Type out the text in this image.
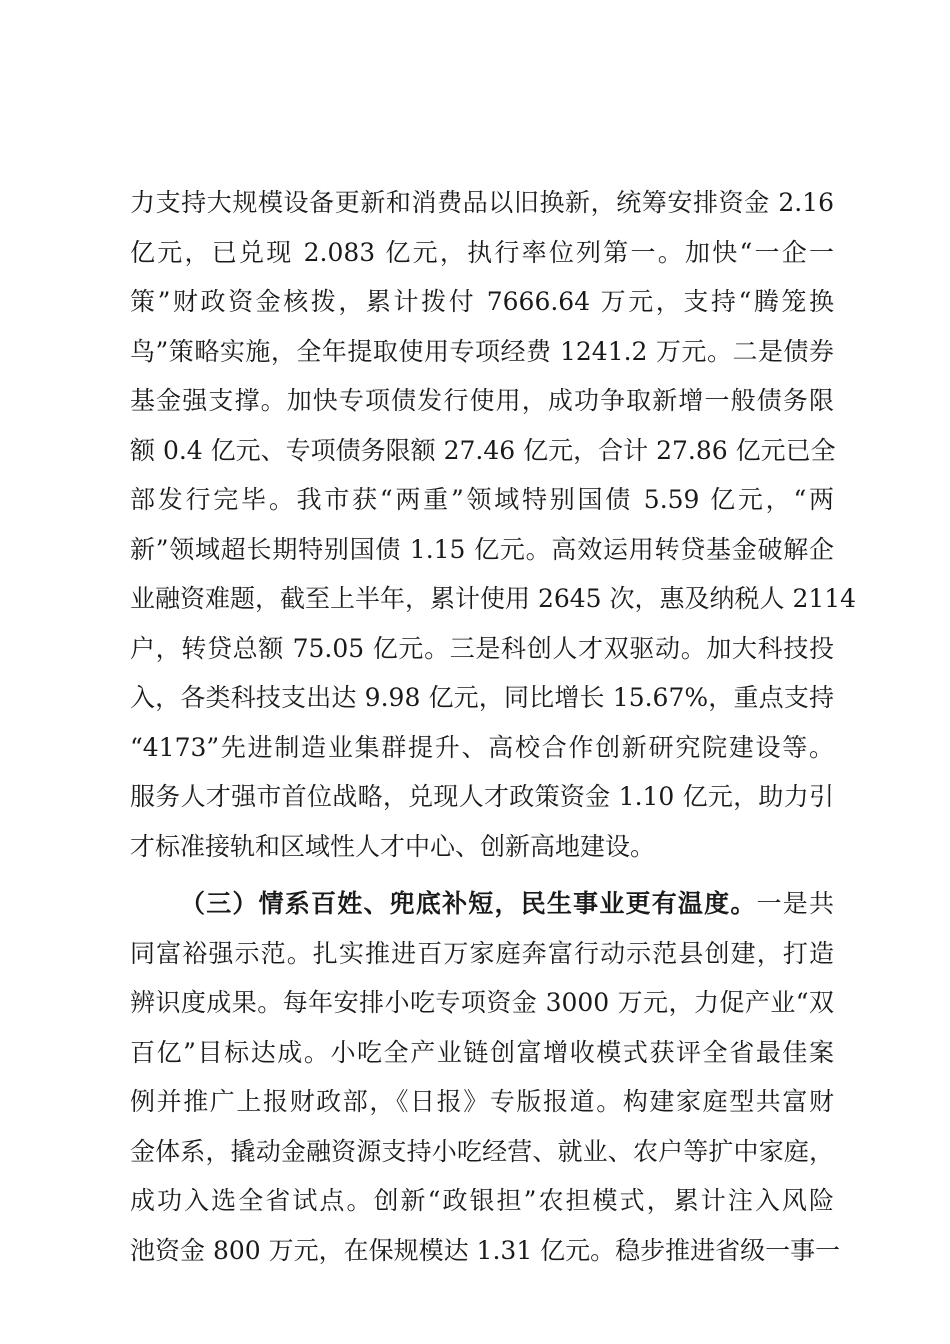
力支持大规模设备更新和消费品以旧换新，统筹安排资金 2.16
亿元，已兑现 2.083 亿元，执行率位列第一。加快“一企一
策”财政资金核拨，累计拨付 7666.64 万元，支持“腾笼换
鸟”策略实施，全年提取使用专项经费 1241.2 万元。二是债券
基金强支撑。加快专项债发行使用，成功争取新增一般债务限
额 0.4 亿元、专项债务限额 27.46 亿元，合计 27.86 亿元已全
部发行完毕。我市获“两重”领域特别国债 5.59 亿元，“两
新”领域超长期特别国债 1.15 亿元。高效运用转贷基金破解企
业融资难题，截至上半年，累计使用 2645 次，惠及纳税人 2114
户，转贷总额 75.05 亿元。三是科创人才双驱动。加大科技投
入，各类科技支出达 9.98 亿元，同比增长 15.67%，重点支持
“4173”先进制造业集群提升、高校合作创新研究院建设等。
服务人才强市首位战略，兑现人才政策资金 1.10 亿元，助力引
才标准接轨和区域性人才中心、创新高地建设。
（三）情系百姓、兜底补短，民生事业更有温度。一是共
同富裕强示范。扎实推进百万家庭奔富行动示范县创建，打造
辨识度成果。每年安排小吃专项资金 3000 万元，力促产业“双
百亿”目标达成。小吃全产业链创富增收模式获评全省最佳案
例并推广上报财政部，《日报》专版报道。构建家庭型共富财
金体系，撬动金融资源支持小吃经营、就业、农户等扩中家庭，
成功入选全省试点。创新“政银担”农担模式，累计注入风险
池资金 800 万元，在保规模达 1.31 亿元。稳步推进省级一事一
